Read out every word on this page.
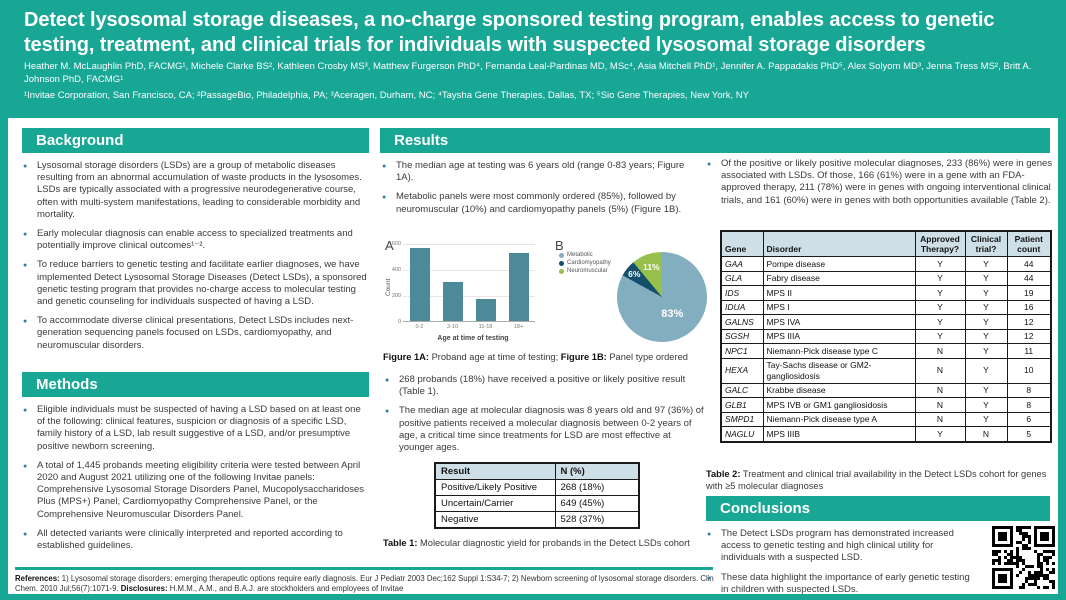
Detect lysosomal storage diseases, a no-charge sponsored testing program, enables access to genetic testing, treatment, and clinical trials for individuals with suspected lysosomal storage disorders
Heather M. McLaughlin PhD, FACMG¹, Michele Clarke BS², Kathleen Crosby MS³, Matthew Furgerson PhD⁴, Fernanda Leal-Pardinas MD, MSc⁴, Asia Mitchell PhD¹, Jennifer A. Pappadakis PhD⁵, Alex Solyom MD³, Jenna Tress MS², Britt A. Johnson PhD, FACMG¹
¹Invitae Corporation, San Francisco, CA; ²PassageBio, Philadelphia, PA; ³Aceragen, Durham, NC; ⁴Taysha Gene Therapies, Dallas, TX; ⁵Sio Gene Therapies, New York, NY
Background
● Lysosomal storage disorders (LSDs) are a group of metabolic diseases resulting from an abnormal accumulation of waste products in the lysosomes. LSDs are typically associated with a progressive neurodegenerative course, often with multi-system manifestations, leading to considerable morbidity and mortality.
● Early molecular diagnosis can enable access to specialized treatments and potentially improve clinical outcomes¹⁻².
● To reduce barriers to genetic testing and facilitate earlier diagnoses, we have implemented Detect Lysosomal Storage Diseases (Detect LSDs), a sponsored genetic testing program that provides no-charge access to molecular testing and genetic counseling for individuals suspected of having a LSD.
● To accommodate diverse clinical presentations, Detect LSDs includes next-generation sequencing panels focused on LSDs, cardiomyopathy, and neuromuscular disorders.
Methods
● Eligible individuals must be suspected of having a LSD based on at least one of the following: clinical features, suspicion or diagnosis of a specific LSD, family history of a LSD, lab result suggestive of a LSD, and/or presumptive positive newborn screening.
● A total of 1,445 probands meeting eligibility criteria were tested between April 2020 and August 2021 utilizing one of the following Invitae panels: Comprehensive Lysosomal Storage Disorders Panel, Mucopolysaccharidoses Plus (MPS+) Panel, Cardiomyopathy Comprehensive Panel, or the Comprehensive Neuromuscular Disorders Panel.
● All detected variants were clinically interpreted and reported according to established guidelines.
References: 1) Lysosomal storage disorders: emerging therapeutic options require early diagnosis. Eur J Pediatr 2003 Dec;162 Suppl 1:S34-7; 2) Newborn screening of lysosomal storage disorders. Clin Chem. 2010 Jul;56(7):1071-9. Disclosures: H.M.M., A.M., and B.A.J. are stockholders and employees of Invitae
Results
● The median age at testing was 6 years old (range 0-83 years; Figure 1A).
● Metabolic panels were most commonly ordered (85%), followed by neuromuscular (10%) and cardiomyopathy panels (5%) (Figure 1B).
A
Count
0
200
400
600
0-2	3-10	11-18	18+
Age at time of testing
B
Metabolic
Cardiomyopathy
Neuromuscular
83%
6%
11%
Figure 1A: Proband age at time of testing; Figure 1B: Panel type ordered
● 268 probands (18%) have received a positive or likely positive result (Table 1).
● The median age at molecular diagnosis was 8 years old and 97 (36%) of positive patients received a molecular diagnosis between 0-2 years of age, a critical time since treatments for LSD are most effective at younger ages.
Result	N (%)
Positive/Likely Positive	268 (18%)
Uncertain/Carrier	649 (45%)
Negative	528 (37%)
Table 1: Molecular diagnostic yield for probands in the Detect LSDs cohort
● Of the positive or likely positive molecular diagnoses, 233 (86%) were in genes associated with LSDs. Of those, 166 (61%) were in a gene with an FDA-approved therapy, 211 (78%) were in genes with ongoing interventional clinical trials, and 161 (60%) were in genes with both opportunities available (Table 2).
Gene	Disorder	Approved Therapy?	Clinical trial?	Patient count
GAA	Pompe disease	Y	Y	44
GLA	Fabry disease	Y	Y	44
IDS	MPS II	Y	Y	19
IDUA	MPS I	Y	Y	16
GALNS	MPS IVA	Y	Y	12
SGSH	MPS IIIA	Y	Y	12
NPC1	Niemann-Pick disease type C	N	Y	11
HEXA	Tay-Sachs disease or GM2-gangliosidosis	N	Y	10
GALC	Krabbe disease	N	Y	8
GLB1	MPS IVB or GM1 gangliosidosis	N	Y	8
SMPD1	Niemann-Pick disease type A	N	Y	6
NAGLU	MPS IIIB	Y	N	5
Table 2: Treatment and clinical trial availability in the Detect LSDs cohort for genes with ≥5 molecular diagnoses
Conclusions
● The Detect LSDs program has demonstrated increased access to genetic testing and high clinical utility for individuals with a suspected LSD.
● These data highlight the importance of early genetic testing in children with suspected LSDs.
